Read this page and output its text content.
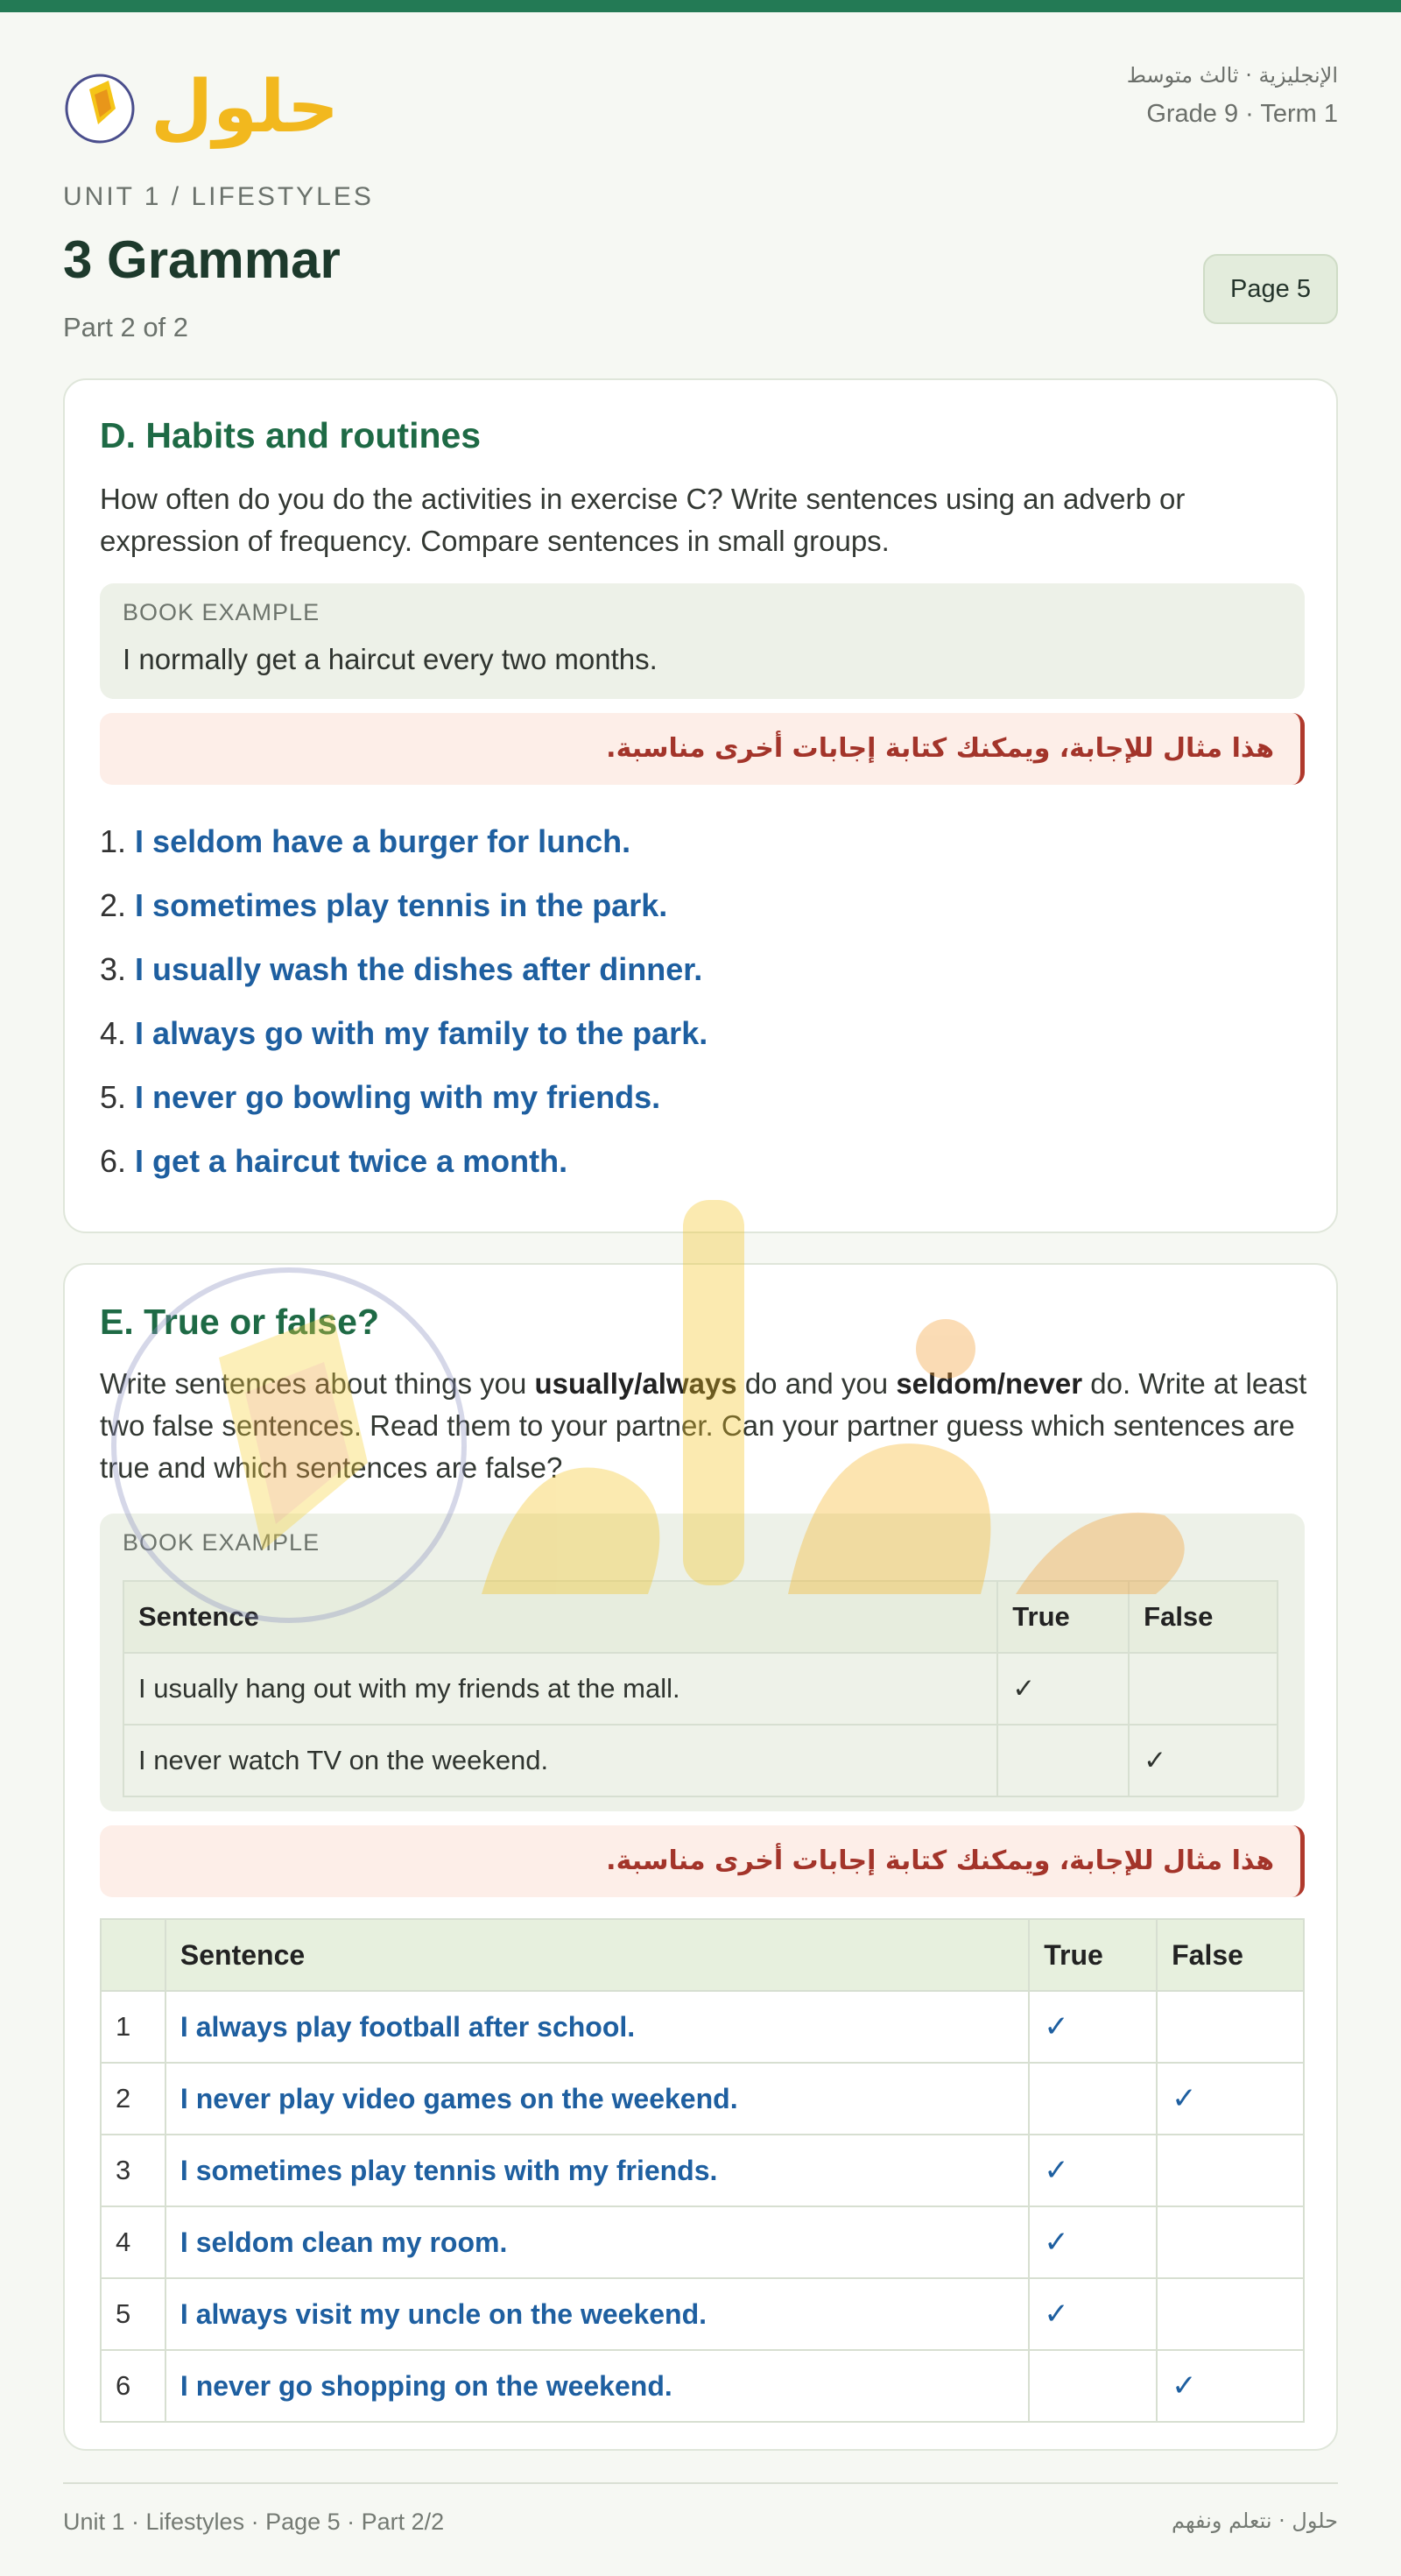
حلول	الإنجليزية · ثالث متوسط
Grade 9 · Term 1
UNIT 1 / LIFESTYLES
3 Grammar
Part 2 of 2
Page 5
D. Habits and routines
How often do you do the activities in exercise C? Write sentences using an adverb or expression of frequency. Compare sentences in small groups.
BOOK EXAMPLE
I normally get a haircut every two months.
هذا مثال للإجابة، ويمكنك كتابة إجابات أخرى مناسبة.
1. I seldom have a burger for lunch.
2. I sometimes play tennis in the park.
3. I usually wash the dishes after dinner.
4. I always go with my family to the park.
5. I never go bowling with my friends.
6. I get a haircut twice a month.
E. True or false?
Write sentences about things you usually/always do and you seldom/never do. Write at least two false sentences. Read them to your partner. Can your partner guess which sentences are true and which sentences are false?
BOOK EXAMPLE
Sentence	True	False
I usually hang out with my friends at the mall.	✓	
I never watch TV on the weekend.		✓
هذا مثال للإجابة، ويمكنك كتابة إجابات أخرى مناسبة.
	Sentence	True	False
1	I always play football after school.	✓	
2	I never play video games on the weekend.		✓
3	I sometimes play tennis with my friends.	✓	
4	I seldom clean my room.	✓	
5	I always visit my uncle on the weekend.	✓	
6	I never go shopping on the weekend.		✓
Unit 1 · Lifestyles · Page 5 · Part 2/2	حلول · نتعلم ونفهم
